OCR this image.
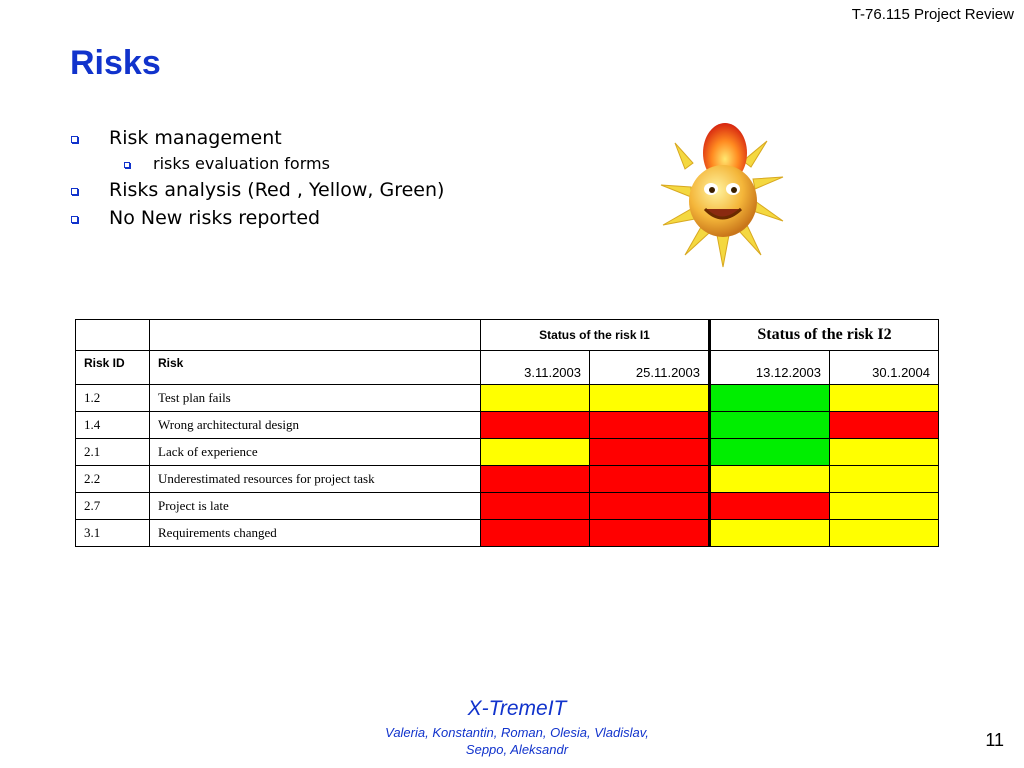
T-76.115 Project Review
Risks
Risk management
risks evaluation forms
Risks analysis (Red , Yellow, Green)
No New risks reported
		Status of the risk I1		Status of the risk I2	
Risk ID	Risk	3.11.2003	25.11.2003	13.12.2003	30.1.2004
1.2	Test plan fails				
1.4	Wrong architectural design				
2.1	Lack of experience				
2.2	Underestimated resources for project task				
2.7	Project is late				
3.1	Requirements changed				
X-TremeIT
Valeria, Konstantin, Roman, Olesia, Vladislav,
Seppo, Aleksandr	11
